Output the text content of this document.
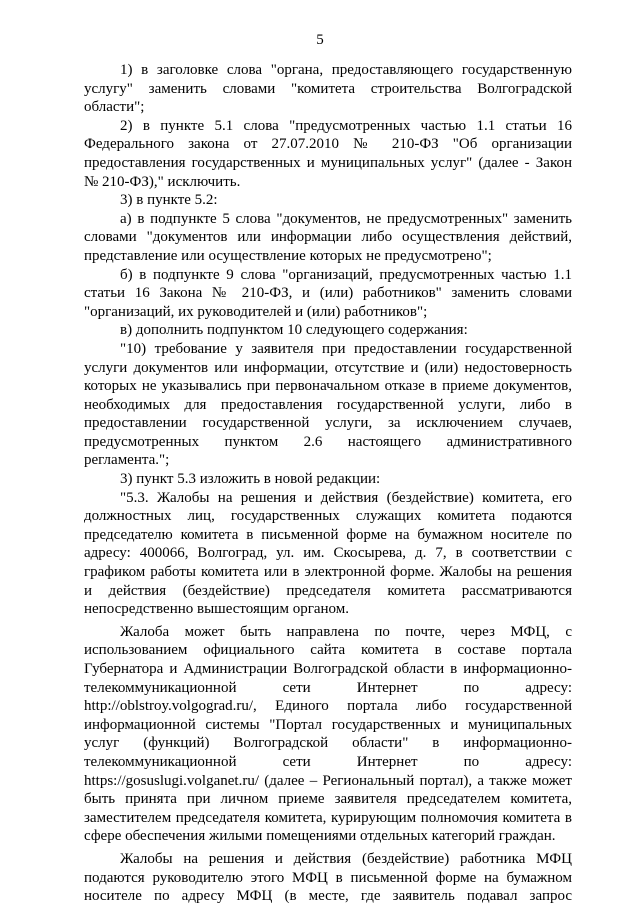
5

1) в заголовке слова "органа, предоставляющего государственную услугу" заменить словами "комитета строительства Волгоградской области";

2) в пункте 5.1 слова "предусмотренных частью 1.1 статьи 16 Федерального закона от 27.07.2010 № 210-ФЗ "Об организации предоставления государственных и муниципальных услуг" (далее - Закон № 210-ФЗ)," исключить.

3) в пункте 5.2:

а) в подпункте 5 слова "документов, не предусмотренных" заменить словами "документов или информации либо осуществления действий, представление или осуществление которых не предусмотрено";

б) в подпункте 9 слова "организаций, предусмотренных частью 1.1 статьи 16 Закона № 210-ФЗ, и (или) работников" заменить словами "организаций, их руководителей и (или) работников";

в) дополнить подпунктом 10 следующего содержания:

"10) требование у заявителя при предоставлении государственной услуги документов или информации, отсутствие и (или) недостоверность которых не указывались при первоначальном отказе в приеме документов, необходимых для предоставления государственной услуги, либо в предоставлении государственной услуги, за исключением случаев, предусмотренных пунктом 2.6 настоящего административного регламента.";

3) пункт 5.3 изложить в новой редакции:

"5.3. Жалобы на решения и действия (бездействие) комитета, его должностных лиц, государственных служащих комитета подаются председателю комитета в письменной форме на бумажном носителе по адресу: 400066, Волгоград, ул. им. Скосырева, д. 7, в соответствии с графиком работы комитета или в электронной форме. Жалобы на решения и действия (бездействие) председателя комитета рассматриваются непосредственно вышестоящим органом.

Жалоба может быть направлена по почте, через МФЦ, с использованием официального сайта комитета в составе портала Губернатора и Администрации Волгоградской области в информационно-телекоммуникационной сети Интернет по адресу: http://oblstroy.volgograd.ru/, Единого портала либо государственной информационной системы "Портал государственных и муниципальных услуг (функций) Волгоградской области" в информационно-телекоммуникационной сети Интернет по адресу: https://gosuslugi.volganet.ru/ (далее – Региональный портал), а также может быть принята при личном приеме заявителя председателем комитета, заместителем председателя комитета, курирующим полномочия комитета в сфере обеспечения жилыми помещениями отдельных категорий граждан.

Жалобы на решения и действия (бездействие) работника МФЦ подаются руководителю этого МФЦ в письменной форме на бумажном носителе по адресу МФЦ (в месте, где заявитель подавал запрос
